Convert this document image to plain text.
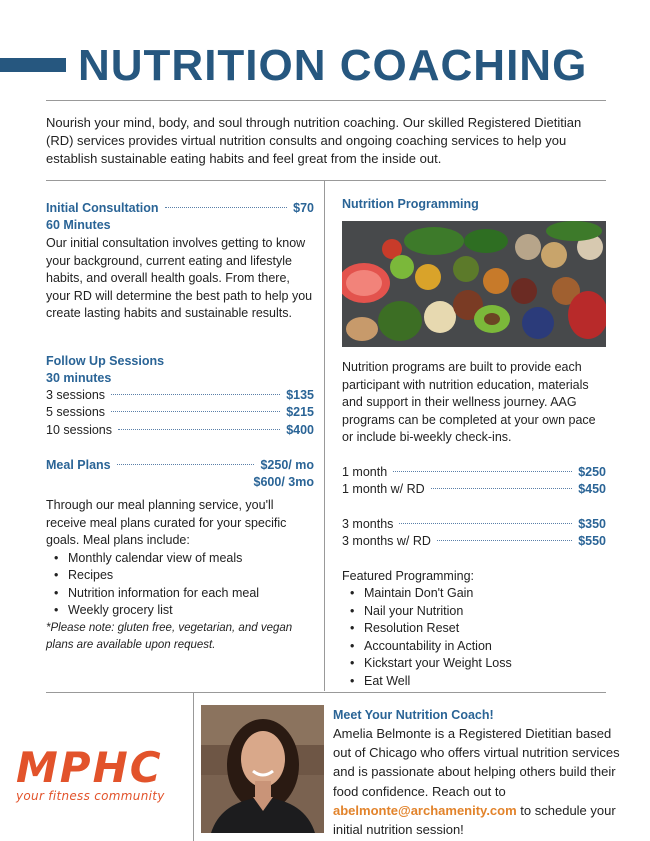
NUTRITION COACHING

Nourish your mind, body, and soul through nutrition coaching. Our skilled Registered Dietitian (RD) services provides virtual nutrition consults and ongoing coaching services to help you establish sustainable eating habits and feel great from the inside out.

Initial Consultation	$70
60 Minutes

Our initial consultation involves getting to know your background, current eating and lifestyle habits, and overall health goals. From there, your RD will determine the best path to help you create lasting habits and sustainable results.

Follow Up Sessions
30 minutes
3 sessions	$135
5 sessions	$215
10 sessions	$400
Meal Plans	$250/ mo
$600/ 3mo

Through our meal planning service, you'll receive meal plans curated for your specific goals. Meal plans include:

• Monthly calendar view of meals
• Recipes
• Nutrition information for each meal
• Weekly grocery list

*Please note: gluten free, vegetarian, and vegan plans are available upon request.

Nutrition Programming

Nutrition programs are built to provide each participant with nutrition education, materials and support in their wellness journey. AAG programs can be completed at your own pace or include bi-weekly check-ins.

1 month	$250
1 month w/ RD	$450
3 months	$350
3 months w/ RD	$550
Featured Programming:
• Maintain Don't Gain
• Nail your Nutrition
• Resolution Reset
• Accountability in Action
• Kickstart your Weight Loss
• Eat Well
MPHC
your fitness community
Meet Your Nutrition Coach!

Amelia Belmonte is a Registered Dietitian based out of Chicago who offers virtual nutrition services and is passionate about helping others build their food confidence. Reach out to abelmonte@archamenity.com to schedule your initial nutrition session!
